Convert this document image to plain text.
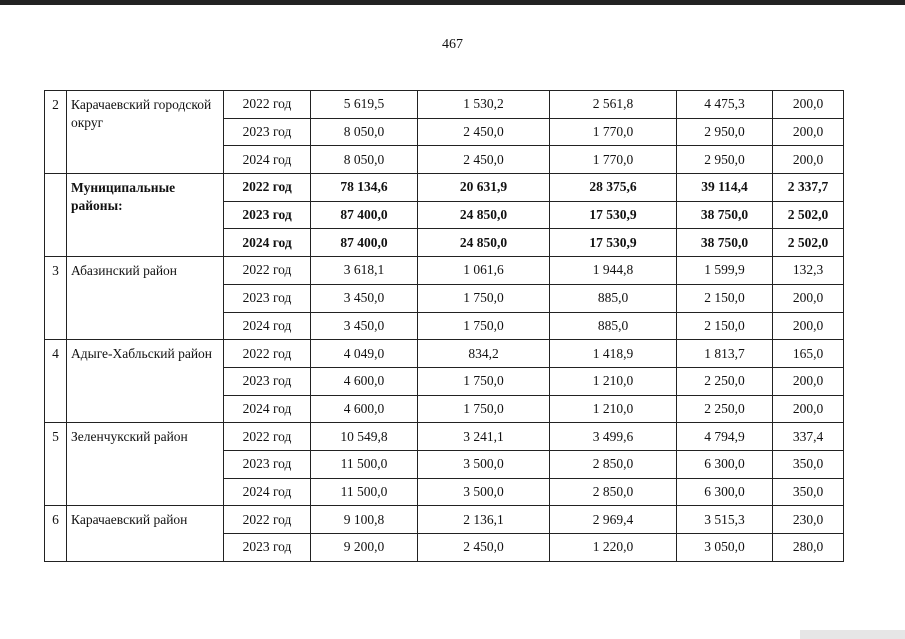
467
2	Карачаевский городской округ	2022 год	5 619,5	1 530,2	2 561,8	4 475,3	200,0
		2023 год	8 050,0	2 450,0	1 770,0	2 950,0	200,0
		2024 год	8 050,0	2 450,0	1 770,0	2 950,0	200,0
	Муниципальные районы:	2022 год	78 134,6	20 631,9	28 375,6	39 114,4	2 337,7
		2023 год	87 400,0	24 850,0	17 530,9	38 750,0	2 502,0
		2024 год	87 400,0	24 850,0	17 530,9	38 750,0	2 502,0
3	Абазинский район	2022 год	3 618,1	1 061,6	1 944,8	1 599,9	132,3
		2023 год	3 450,0	1 750,0	885,0	2 150,0	200,0
		2024 год	3 450,0	1 750,0	885,0	2 150,0	200,0
4	Адыге-Хабльский район	2022 год	4 049,0	834,2	1 418,9	1 813,7	165,0
		2023 год	4 600,0	1 750,0	1 210,0	2 250,0	200,0
		2024 год	4 600,0	1 750,0	1 210,0	2 250,0	200,0
5	Зеленчукский район	2022 год	10 549,8	3 241,1	3 499,6	4 794,9	337,4
		2023 год	11 500,0	3 500,0	2 850,0	6 300,0	350,0
		2024 год	11 500,0	3 500,0	2 850,0	6 300,0	350,0
6	Карачаевский район	2022 год	9 100,8	2 136,1	2 969,4	3 515,3	230,0
		2023 год	9 200,0	2 450,0	1 220,0	3 050,0	280,0
